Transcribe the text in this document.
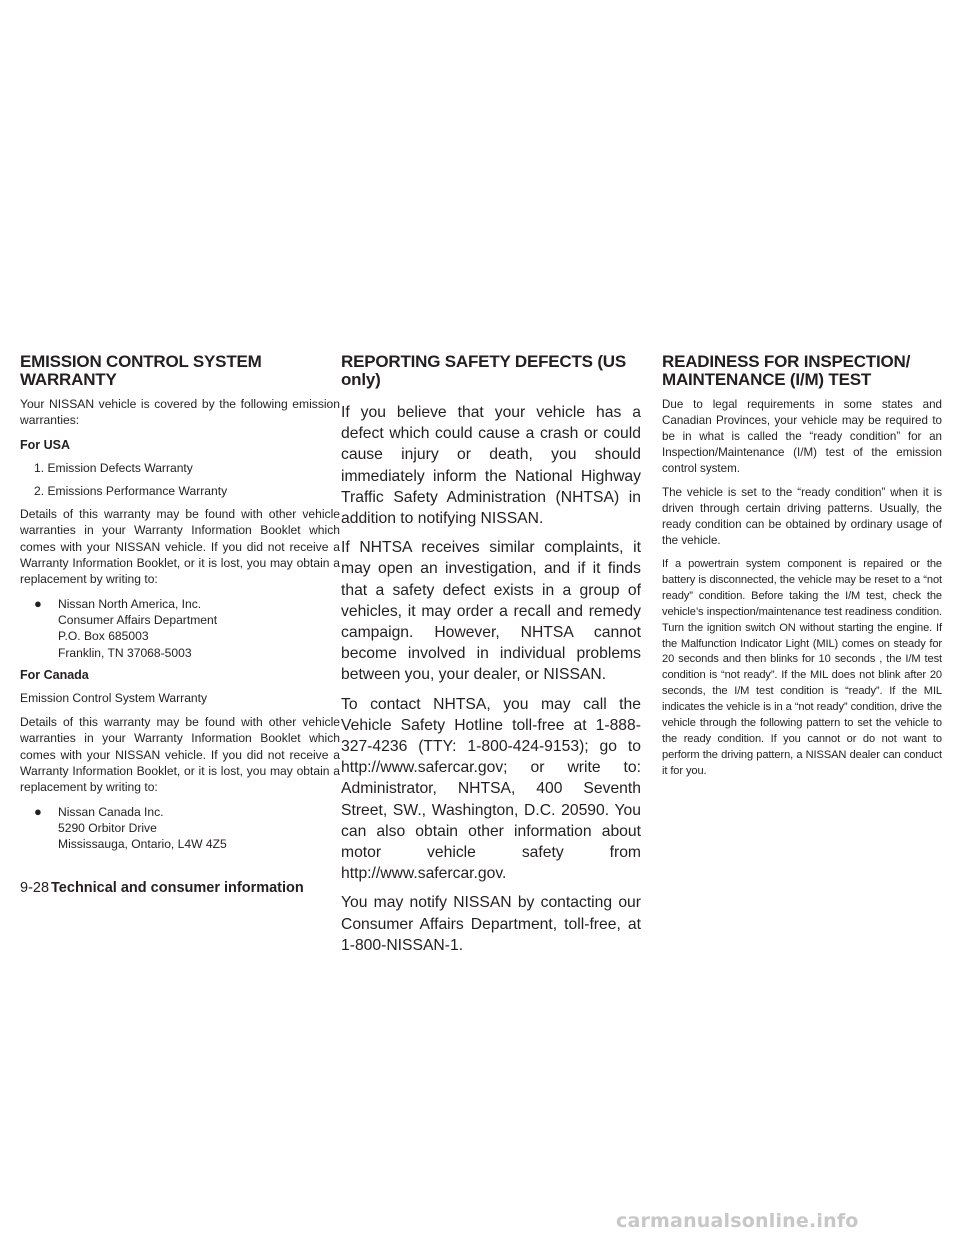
EMISSION CONTROL SYSTEM
WARRANTY

Your NISSAN vehicle is covered by the following emission warranties:

For USA

1. Emission Defects Warranty
2. Emissions Performance Warranty

Details of this warranty may be found with other vehicle warranties in your Warranty Information Booklet which comes with your NISSAN vehicle. If you did not receive a Warranty Information Booklet, or it is lost, you may obtain a replacement by writing to:

●	Nissan North America, Inc.
Consumer Affairs Department
P.O. Box 685003
Franklin, TN 37068-5003

For Canada

Emission Control System Warranty

Details of this warranty may be found with other vehicle warranties in your Warranty Information Booklet which comes with your NISSAN vehicle. If you did not receive a Warranty Information Booklet, or it is lost, you may obtain a replacement by writing to:

●	Nissan Canada Inc.
5290 Orbitor Drive
Mississauga, Ontario, L4W 4Z5
REPORTING SAFETY DEFECTS (US
only)

If you believe that your vehicle has a defect which could cause a crash or could cause injury or death, you should immediately inform the National Highway Traffic Safety Administration (NHTSA) in addition to notifying NISSAN.

If NHTSA receives similar complaints, it may open an investigation, and if it finds that a safety defect exists in a group of vehicles, it may order a recall and remedy campaign. However, NHTSA cannot become involved in individual problems between you, your dealer, or NISSAN.

To contact NHTSA, you may call the Vehicle Safety Hotline toll-free at 1-888-327-4236 (TTY: 1-800-424-9153); go to http://www.safercar.gov; or write to: Administrator, NHTSA, 400 Seventh Street, SW., Washington, D.C. 20590. You can also obtain other information about motor vehicle safety from http://www.safercar.gov.

You may notify NISSAN by contacting our Consumer Affairs Department, toll-free, at 1-800-NISSAN-1.

READINESS FOR INSPECTION/
MAINTENANCE (I/M) TEST

Due to legal requirements in some states and Canadian Provinces, your vehicle may be required to be in what is called the “ready condition” for an Inspection/Maintenance (I/M) test of the emission control system.

The vehicle is set to the “ready condition” when it is driven through certain driving patterns. Usually, the ready condition can be obtained by ordinary usage of the vehicle.

If a powertrain system component is repaired or the battery is disconnected, the vehicle may be reset to a “not ready” condition. Before taking the I/M test, check the vehicle’s inspection/maintenance test readiness condition. Turn the ignition switch ON without starting the engine. If the Malfunction Indicator Light (MIL) comes on steady for 20 seconds and then blinks for 10 seconds , the I/M test condition is “not ready”. If the MIL does not blink after 20 seconds, the I/M test condition is “ready”. If the MIL indicates the vehicle is in a “not ready” condition, drive the vehicle through the following pattern to set the vehicle to the ready condition. If you cannot or do not want to perform the driving pattern, a NISSAN dealer can conduct it for you.

9-28 Technical and consumer information
carmanualsonline.info
